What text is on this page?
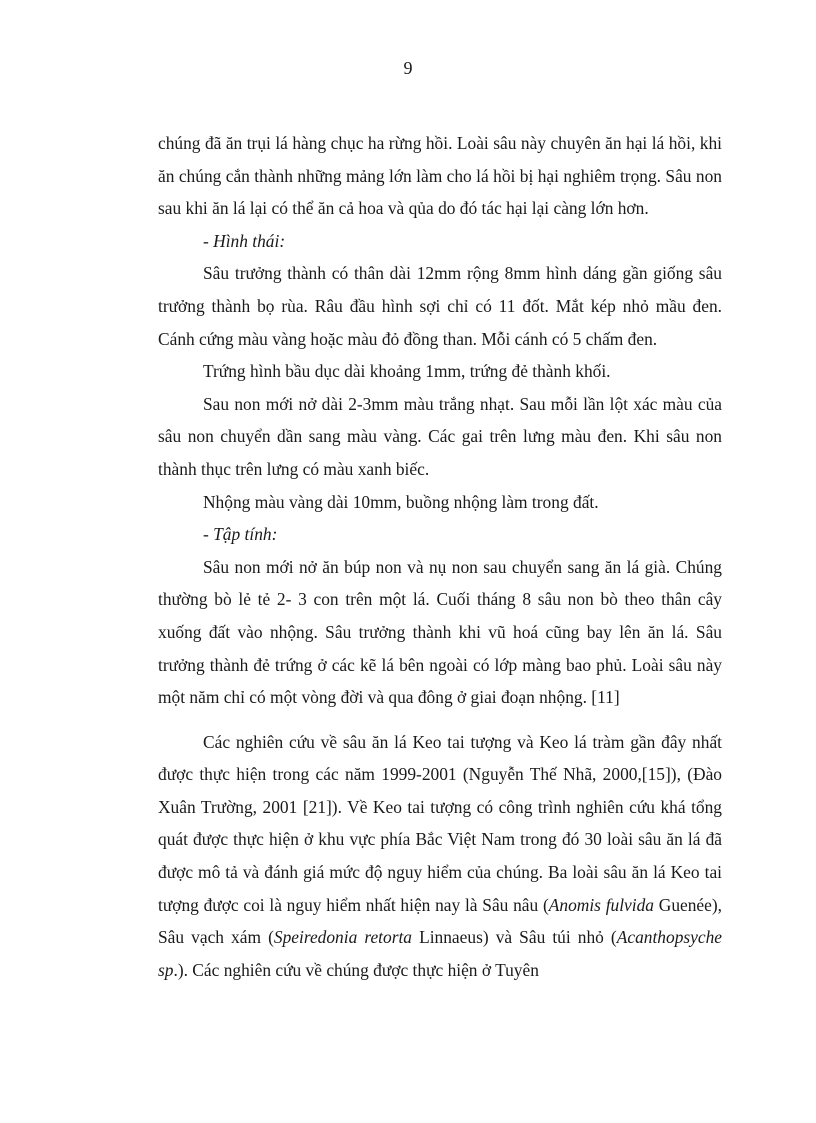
9

chúng đã ăn trụi lá hàng chục ha rừng hồi. Loài sâu này chuyên ăn hại lá hồi, khi ăn chúng cắn thành những mảng lớn làm cho lá hồi bị hại nghiêm trọng. Sâu non sau khi ăn lá lại có thể ăn cả hoa và qủa do đó tác hại lại càng lớn hơn.

- Hình thái:

Sâu trưởng thành có thân dài 12mm rộng 8mm hình dáng gần giống sâu trưởng thành bọ rùa. Râu đầu hình sợi chỉ có 11 đốt. Mắt kép nhỏ mầu đen. Cánh cứng màu vàng hoặc màu đỏ đồng than. Mỗi cánh có 5 chấm đen.

Trứng hình bầu dục dài khoảng 1mm, trứng đẻ thành khối.

Sau non mới nở dài 2-3mm màu trắng nhạt. Sau mỗi lần lột xác màu của sâu non chuyển dần sang màu vàng. Các gai trên lưng màu đen. Khi sâu non thành thục trên lưng có màu xanh biếc.

Nhộng màu vàng dài 10mm, buồng nhộng làm trong đất.

- Tập tính:

Sâu non mới nở ăn búp non và nụ non sau chuyển sang ăn lá già. Chúng thường bò lẻ tẻ 2- 3 con trên một lá. Cuối tháng 8 sâu non bò theo thân cây xuống đất vào nhộng. Sâu trưởng thành khi vũ hoá cũng bay lên ăn lá. Sâu trưởng thành đẻ trứng ở các kẽ lá bên ngoài có lớp màng bao phủ. Loài sâu này một năm chỉ có một vòng đời và qua đông ở giai đoạn nhộng. [11]

Các nghiên cứu về sâu ăn lá Keo tai tượng và Keo lá tràm gần đây nhất được thực hiện trong các năm 1999-2001 (Nguyễn Thế Nhã, 2000,[15]), (Đào Xuân Trường, 2001 [21]). Về Keo tai tượng có công trình nghiên cứu khá tổng quát được thực hiện ở khu vực phía Bắc Việt Nam trong đó 30 loài sâu ăn lá đã được mô tả và đánh giá mức độ nguy hiểm của chúng. Ba loài sâu ăn lá Keo tai tượng được coi là nguy hiểm nhất hiện nay là Sâu nâu (Anomis fulvida Guenée), Sâu vạch xám (Speiredonia retorta Linnaeus) và Sâu túi nhỏ (Acanthopsyche sp.). Các nghiên cứu về chúng được thực hiện ở Tuyên
